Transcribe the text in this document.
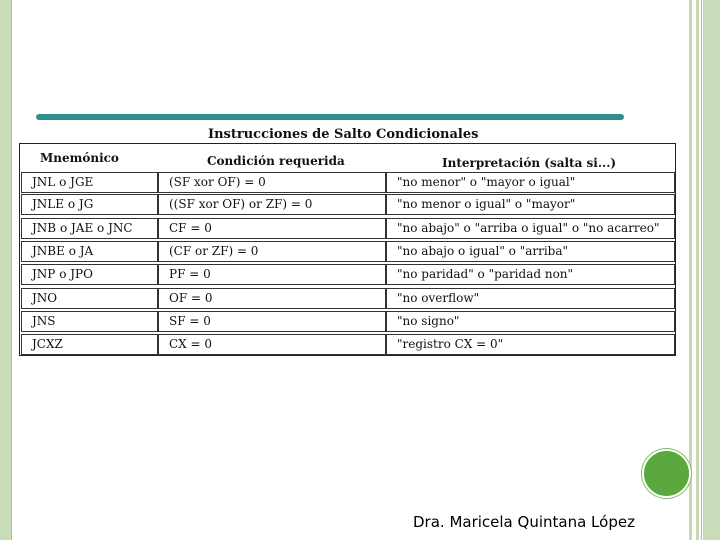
Instrucciones de Salto Condicionales
Mnemónico	Condición requerida	Interpretación (salta si...)
JNL o JGE	(SF xor OF) = 0	"no menor" o "mayor o igual"
JNLE o JG	((SF xor OF) or ZF) = 0	"no menor o igual" o "mayor"
JNB o JAE o JNC	CF = 0	"no abajo" o "arriba o igual" o "no acarreo"
JNBE o JA	(CF or ZF) = 0	"no abajo o igual" o "arriba"
JNP o JPO	PF = 0	"no paridad" o "paridad non"
JNO	OF = 0	"no overflow"
JNS	SF = 0	"no signo"
JCXZ	CX = 0	"registro CX = 0"
Dra. Maricela Quintana López
